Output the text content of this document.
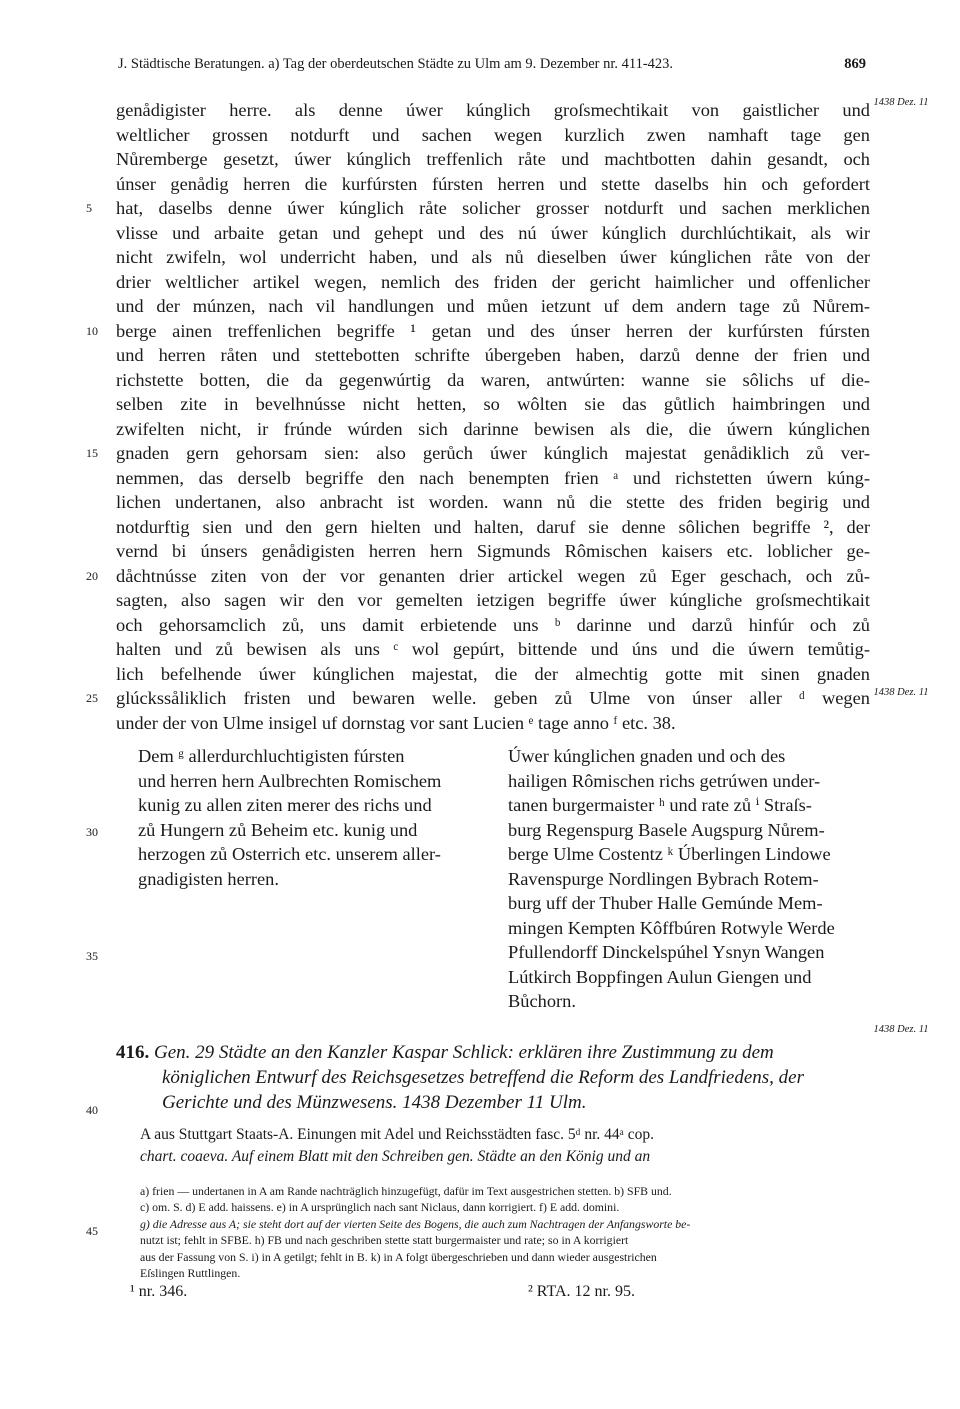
J. Städtische Beratungen. a) Tag der oberdeutschen Städte zu Ulm am 9. Dezember nr. 411-423.	869
1438 Dez. 11
1438 Dez. 11
1438 Dez. 11
genådigister herre. als denne úwer kúnglich groſsmechtikait von gaistlicher und
weltlicher grossen notdurft und sachen wegen kurzlich zwen namhaft tage gen
Nůremberge gesetzt, úwer kúnglich treffenlich råte und machtbotten dahin gesandt, och
únser genådig herren die kurfúrsten fúrsten herren und stette daselbs hin och gefordert
hat, daselbs denne úwer kúnglich råte solicher grosser notdurft und sachen merklichen
vlisse und arbaite getan und gehept und des nú úwer kúnglich durchlúchtikait, als wir
nicht zwifeln, wol underricht haben, und als nů dieselben úwer kúnglichen råte von der
drier weltlicher artikel wegen, nemlich des friden der gericht haimlicher und offenlicher
und der múnzen, nach vil handlungen und můen ietzunt uf dem andern tage zů Nůrem-
berge ainen treffenlichen begriffe ¹ getan und des únser herren der kurfúrsten fúrsten
und herren råten und stettebotten schrifte úbergeben haben, darzů denne der frien und
richstette botten, die da gegenwúrtig da waren, antwúrten: wanne sie sôlichs uf die-
selben zite in bevelhnússe nicht hetten, so wôlten sie das gůtlich haimbringen und
zwifelten nicht, ir frúnde wúrden sich darinne bewisen als die, die úwern kúnglichen
gnaden gern gehorsam sien: also gerůch úwer kúnglich majestat genådiklich zů ver-
nemmen, das derselb begriffe den nach benempten frien ᵃ und richstetten úwern kúng-
lichen undertanen, also anbracht ist worden. wann nů die stette des friden begirig und
notdurftig sien und den gern hielten und halten, daruf sie denne sôlichen begriffe ², der
vernd bi únsers genådigisten herren hern Sigmunds Rômischen kaisers etc. loblicher ge-
dåchtnússe ziten von der vor genanten drier artickel wegen zů Eger geschach, och zů-
sagten, also sagen wir den vor gemelten ietzigen begriffe úwer kúngliche groſsmechtikait
och gehorsamclich zů, uns damit erbietende uns ᵇ darinne und darzů hinfúr och zů
halten und zů bewisen als uns ᶜ wol gepúrt, bittende und úns und die úwern temůtig-
lich befelhende úwer kúnglichen majestat, die der almechtig gotte mit sinen gnaden
glúckssåliklich fristen und bewaren welle. geben zů Ulme von únser aller ᵈ wegen
under der von Ulme insigel uf dornstag vor sant Lucien ᵉ tage anno ᶠ etc. 38.
5
10
15
20
25
30
35
40
45
Dem ᵍ allerdurchluchtigisten fúrsten
und herren hern Aulbrechten Romischem
kunig zu allen ziten merer des richs und
zů Hungern zů Beheim etc. kunig und
herzogen zů Osterrich etc. unserem aller-
gnadigisten herren.
Úwer kúnglichen gnaden und och des
hailigen Rômischen richs getrúwen under-
tanen burgermaister ʰ und rate zů ⁱ Straſs-
burg Regenspurg Basele Augspurg Nůrem-
berge Ulme Costentz ᵏ Úberlingen Lindowe
Ravenspurge Nordlingen Bybrach Rotem-
burg uff der Thuber Halle Gemúnde Mem-
mingen Kempten Kôffbúren Rotwyle Werde
Pfullendorff Dinckelspúhel Ysnyn Wangen
Lútkirch Boppfingen Aulun Giengen und
Bůchorn.
416. Gen. 29 Städte an den Kanzler Kaspar Schlick: erklären ihre Zustimmung zu dem
königlichen Entwurf des Reichsgesetzes betreffend die Reform des Landfriedens, der
Gerichte und des Münzwesens. 1438 Dezember 11 Ulm.
A aus Stuttgart Staats-A. Einungen mit Adel und Reichsstädten fasc. 5ᵈ nr. 44ᵃ cop.
chart. coaeva. Auf einem Blatt mit den Schreiben gen. Städte an den König und an
a) frien — undertanen in A am Rande nachträglich hinzugefügt, dafür im Text ausgestrichen stetten. b) SFB und.
c) om. S. d) E add. haissens. e) in A ursprünglich nach sant Niclaus, dann korrigiert. f) E add. domini.
g) die Adresse aus A; sie steht dort auf der vierten Seite des Bogens, die auch zum Nachtragen der Anfangsworte be-
nutzt ist; fehlt in SFBE. h) FB und nach geschriben stette statt burgermaister und rate; so in A korrigiert
aus der Fassung von S. i) in A getilgt; fehlt in B. k) in A folgt übergeschrieben und dann wieder ausgestrichen
Eſslingen Ruttlingen.
¹ nr. 346.	² RTA. 12 nr. 95.
